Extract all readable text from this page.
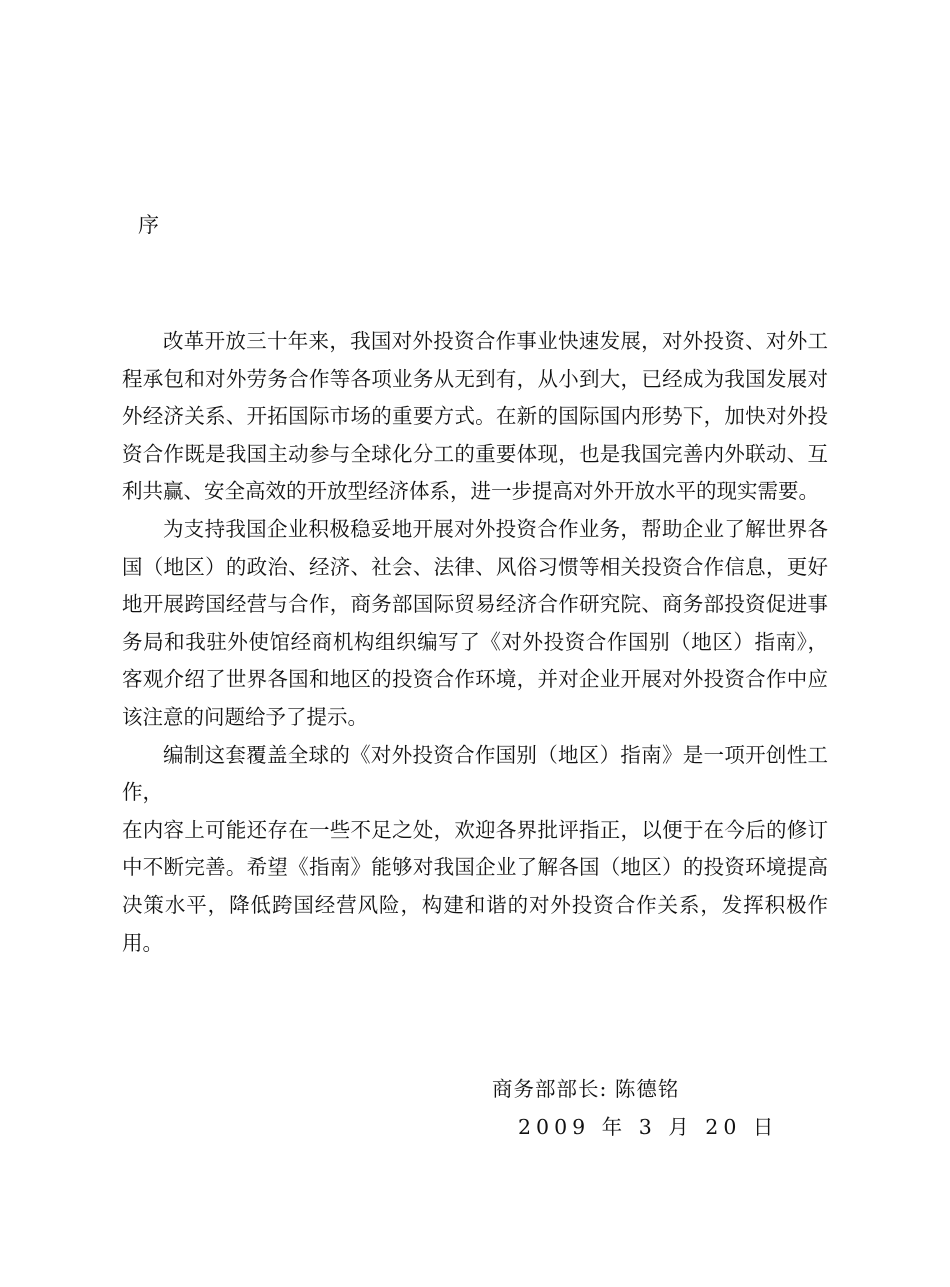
序

改革开放三十年来，我国对外投资合作事业快速发展，对外投资、对外工程承包和对外劳务合作等各项业务从无到有，从小到大，已经成为我国发展对外经济关系、开拓国际市场的重要方式。在新的国际国内形势下，加快对外投资合作既是我国主动参与全球化分工的重要体现，也是我国完善内外联动、互利共赢、安全高效的开放型经济体系，进一步提高对外开放水平的现实需要。

为支持我国企业积极稳妥地开展对外投资合作业务，帮助企业了解世界各国（地区）的政治、经济、社会、法律、风俗习惯等相关投资合作信息，更好地开展跨国经营与合作，商务部国际贸易经济合作研究院、商务部投资促进事务局和我驻外使馆经商机构组织编写了《对外投资合作国别（地区）指南》，客观介绍了世界各国和地区的投资合作环境，并对企业开展对外投资合作中应该注意的问题给予了提示。

编制这套覆盖全球的《对外投资合作国别（地区）指南》是一项开创性工作，

在内容上可能还存在一些不足之处，欢迎各界批评指正，以便于在今后的修订中不断完善。希望《指南》能够对我国企业了解各国（地区）的投资环境提高决策水平，降低跨国经营风险，构建和谐的对外投资合作关系，发挥积极作用。

商务部部长: 陈德铭
2009 年 3 月 20 日
